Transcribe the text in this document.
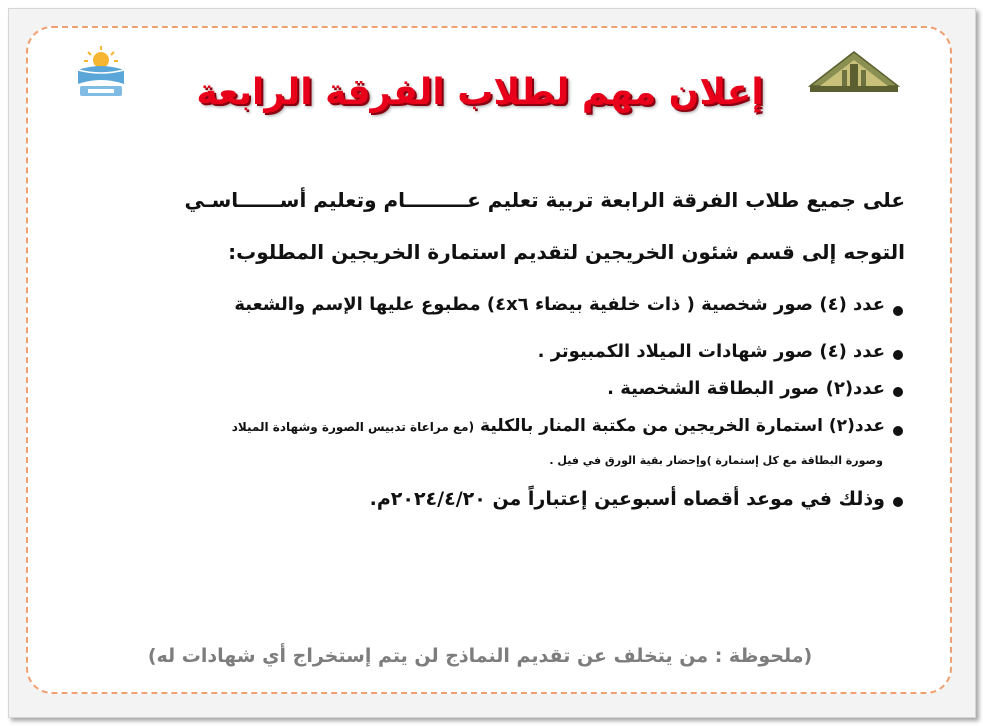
إعلان مهم لطلاب الفرقة الرابعة
على جميع طلاب الفرقة الرابعة تربية تعليم عـــــــــام وتعليم أســــــاسـي
التوجه إلى قسم شئون الخريجين لتقديم استمارة الخريجين المطلوب:
عدد (٤) صور شخصية ( ذات خلفية بيضاء ٤x٦) مطبوع عليها الإسم والشعبة
عدد (٤) صور شهادات الميلاد الكمبيوتر .
عدد(٢) صور البطاقة الشخصية .
عدد(٢) استمارة الخريجين من مكتبة المنار بالكلية (مع مراعاة تدبيس الصورة وشهادة الميلاد
وصورة البطاقة مع كل إستمارة )وإحضار بقية الورق في فيل .
وذلك في موعد أقصاه أسبوعين إعتباراً من ٢٠٢٤/٤/٢٠م.
(ملحوظة : من يتخلف عن تقديم النماذج لن يتم إستخراج أي شهادات له)
